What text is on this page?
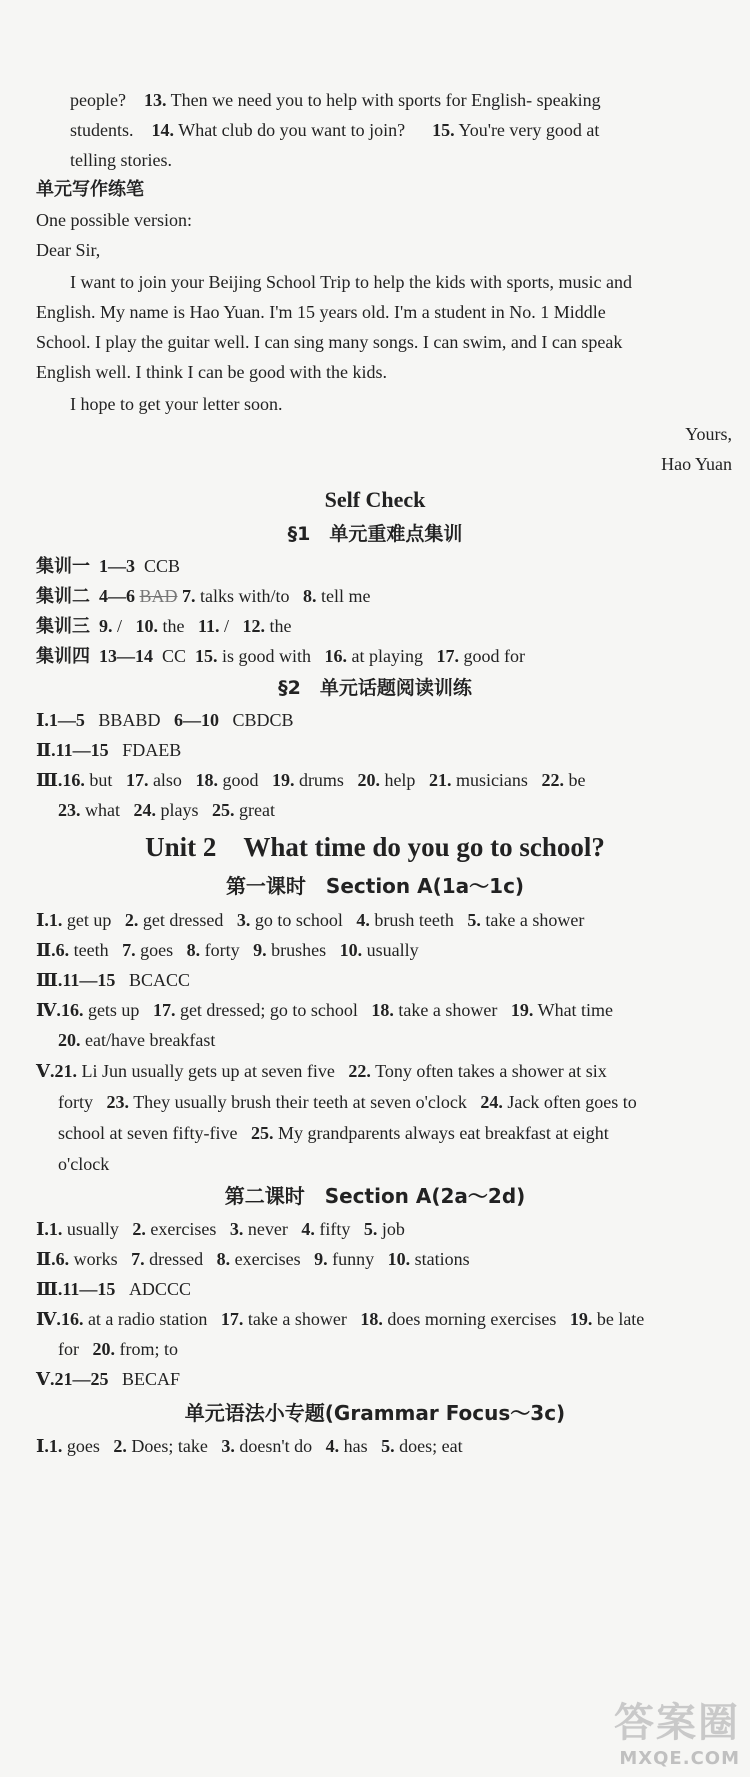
people? 13. Then we need you to help with sports for English- speaking
students. 14. What club do you want to join? 15. You're very good at
telling stories.
单元写作练笔
One possible version:
Dear Sir,
I want to join your Beijing School Trip to help the kids with sports, music and
English. My name is Hao Yuan. I'm 15 years old. I'm a student in No. 1 Middle
School. I play the guitar well. I can sing many songs. I can swim, and I can speak
English well. I think I can be good with the kids.
I hope to get your letter soon.
Yours,
Hao Yuan
Self Check
§1　单元重难点集训
集训一 1—3 CCB
集训二 4—6 BAD 7. talks with/to 8. tell me
集训三 9. / 10. the 11. / 12. the
集训四 13—14 CC 15. is good with 16. at playing 17. good for
§2　单元话题阅读训练
Ⅰ.1—5 BBABD 6—10 CBDCB
Ⅱ.11—15 FDAEB
Ⅲ.16. but 17. also 18. good 19. drums 20. help 21. musicians 22. be
23. what 24. plays 25. great
Unit 2　What time do you go to school?
第一课时　Section A(1a～1c)
Ⅰ.1. get up 2. get dressed 3. go to school 4. brush teeth 5. take a shower
Ⅱ.6. teeth 7. goes 8. forty 9. brushes 10. usually
Ⅲ.11—15 BCACC
Ⅳ.16. gets up 17. get dressed; go to school 18. take a shower 19. What time
20. eat/have breakfast
Ⅴ.21. Li Jun usually gets up at seven five 22. Tony often takes a shower at six
forty 23. They usually brush their teeth at seven o'clock 24. Jack often goes to
school at seven fifty-five 25. My grandparents always eat breakfast at eight
o'clock
第二课时　Section A(2a～2d)
Ⅰ.1. usually 2. exercises 3. never 4. fifty 5. job
Ⅱ.6. works 7. dressed 8. exercises 9. funny 10. stations
Ⅲ.11—15 ADCCC
Ⅳ.16. at a radio station 17. take a shower 18. does morning exercises 19. be late
for 20. from; to
Ⅴ.21—25 BECAF
单元语法小专题(Grammar Focus～3c)
Ⅰ.1. goes 2. Does; take 3. doesn't do 4. has 5. does; eat
答案圈
MXQE.COM
